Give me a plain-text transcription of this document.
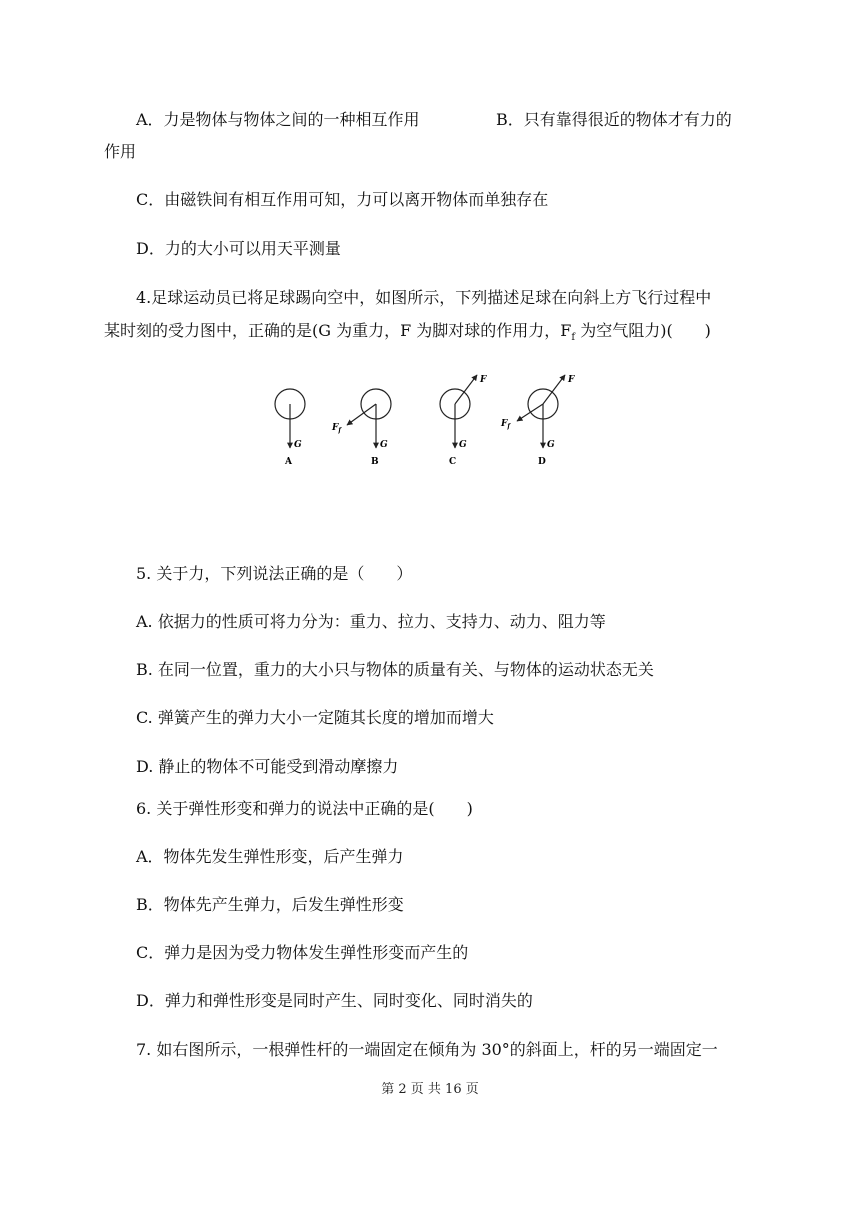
A．力是物体与物体之间的一种相互作用	B．只有靠得很近的物体才有力的
作用
C．由磁铁间有相互作用可知，力可以离开物体而单独存在
D．力的大小可以用天平测量
4.足球运动员已将足球踢向空中，如图所示，下列描述足球在向斜上方飞行过程中
某时刻的受力图中，正确的是(G 为重力，F 为脚对球的作用力，$F_f$ 为空气阻力)(　　)
G
A
G
$F_f$
B
G
F
C
G
F
$F_f$
D
5. 关于力，下列说法正确的是（　　）
A. 依据力的性质可将力分为：重力、拉力、支持力、动力、阻力等
B. 在同一位置，重力的大小只与物体的质量有关、与物体的运动状态无关
C. 弹簧产生的弹力大小一定随其长度的增加而增大
D. 静止的物体不可能受到滑动摩擦力
6. 关于弹性形变和弹力的说法中正确的是(　　)
A．物体先发生弹性形变，后产生弹力
B．物体先产生弹力，后发生弹性形变
C．弹力是因为受力物体发生弹性形变而产生的
D．弹力和弹性形变是同时产生、同时变化、同时消失的
7. 如右图所示，一根弹性杆的一端固定在倾角为 30°的斜面上，杆的另一端固定一
第 2 页 共 16 页
